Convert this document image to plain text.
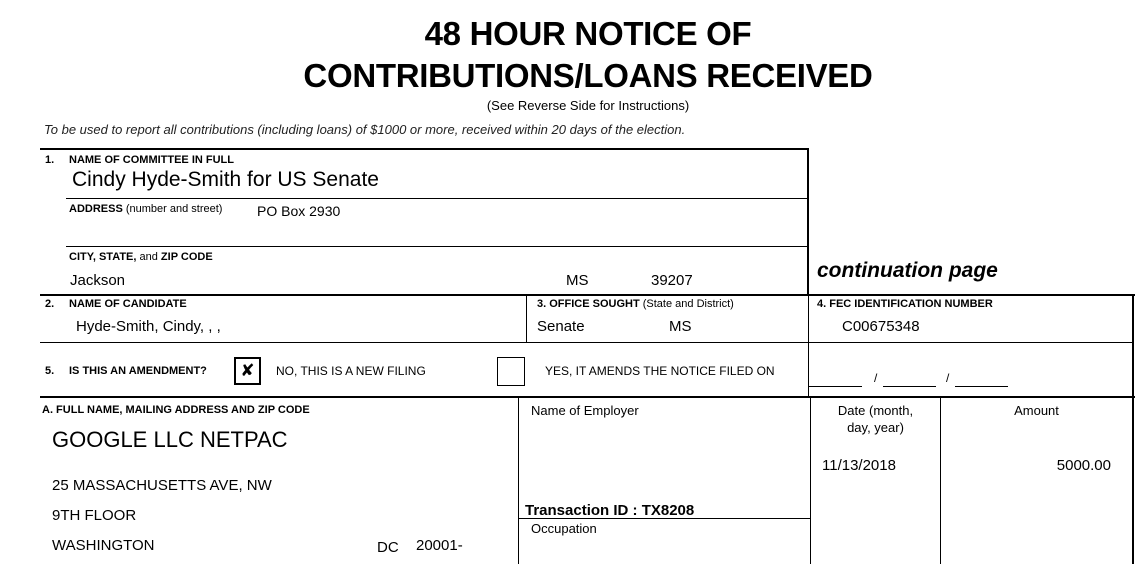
48 HOUR NOTICE OF
CONTRIBUTIONS/LOANS RECEIVED
(See Reverse Side for Instructions)
To be used to report all contributions (including loans) of $1000 or more, received within 20 days of the election.
1. NAME OF COMMITTEE IN FULL
Cindy Hyde-Smith for US Senate
ADDRESS (number and street) PO Box 2930
CITY, STATE, and ZIP CODE
Jackson	MS	39207	continuation page
2. NAME OF CANDIDATE
Hyde-Smith, Cindy, , ,
3. OFFICE SOUGHT (State and District)
Senate	MS
4. FEC IDENTIFICATION NUMBER
C00675348
5. IS THIS AN AMENDMENT?	✘	NO, THIS IS A NEW FILING	YES, IT AMENDS THE NOTICE FILED ON	/	/
A. FULL NAME, MAILING ADDRESS AND ZIP CODE
GOOGLE LLC NETPAC
25 MASSACHUSETTS AVE, NW
9TH FLOOR
WASHINGTON	DC 20001-
Name of Employer
Transaction ID : TX8208
Occupation
Date (month,
day, year)
11/13/2018
Amount
5000.00
